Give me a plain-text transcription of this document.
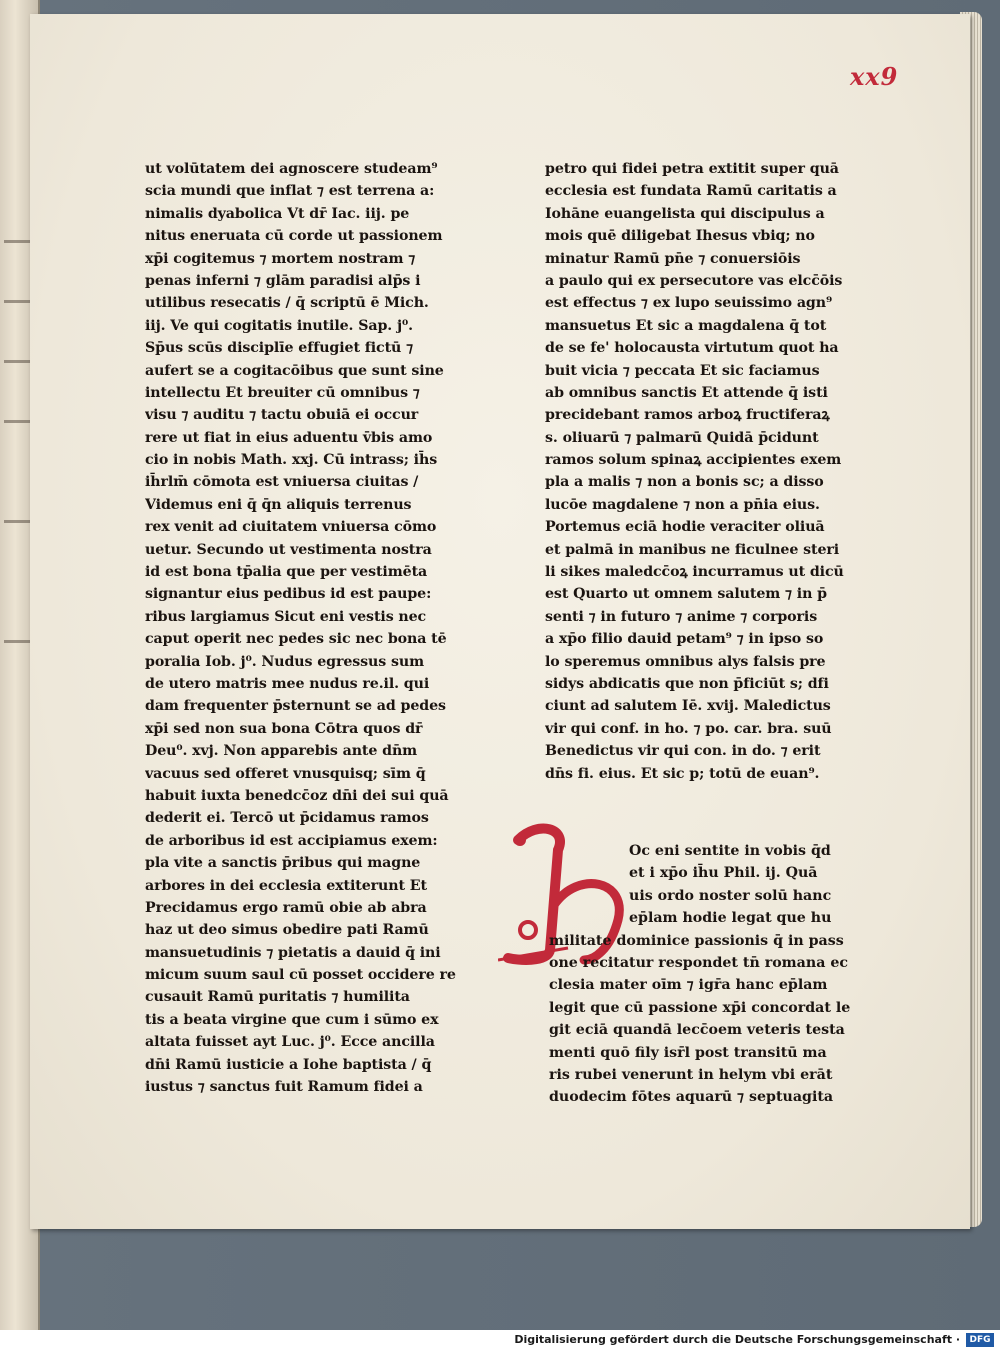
xx9
ut volūtatem dei agnoscere studeam⁹
scia mundi que inflat ⁊ est terrena a:
nimalis dyabolica Vt dr̄ Iac. iij. pe
nitus eneruata cū corde ut passionem
xp̄i cogitemus ⁊ mortem nostram ⁊
penas inferni ⁊ glām paradisi alp̄s i
utilibus resecatis / q̄ scriptū ē Mich.
iij. Ve qui cogitatis inutile. Sap. j⁰.
Sp̄us scūs disciplīe effugiet fictū ⁊
aufert se a cogitacōibus que sunt sine
intellectu Et breuiter cū omnibus ⁊
visu ⁊ auditu ⁊ tactu obuiā ei occur
rere ut fiat in eius aduentu v̄bis amo
cio in nobis Math. xxj. Cū intrass; ih̄s
ih̄rlm̄ cōmota est vniuersa ciuitas /
Videmus eni q̄ q̄n aliquis terrenus
rex venit ad ciuitatem vniuersa cōmo
uetur. Secundo ut vestimenta nostra
id est bona tp̄alia que per vestimēta
signantur eius pedibus id est paupe:
ribus largiamus Sicut eni vestis nec
caput operit nec pedes sic nec bona tē
poralia Iob. j⁰. Nudus egressus sum
de utero matris mee nudus re.il. qui
dam frequenter p̄sternunt se ad pedes
xp̄i sed non sua bona Cōtra quos dr̄
Deu⁰. xvj. Non apparebis ante dn̄m
vacuus sed offeret vnusquisq; sīm q̄
habuit iuxta benedcc̄oz dn̄i dei sui quā
dederit ei. Tercō ut p̄cidamus ramos
de arboribus id est accipiamus exem:
pla vite a sanctis p̄ribus qui magne
arbores in dei ecclesia extiterunt Et
Precidamus ergo ramū obie ab abra
haz ut deo simus obedire pati Ramū
mansuetudinis ⁊ pietatis a dauid q̄ ini
micum suum saul cū posset occidere re
cusauit Ramū puritatis ⁊ humilita
tis a beata virgine que cum i sūmo ex
altata fuisset ayt Luc. j⁰. Ecce ancilla
dn̄i Ramū iusticie a Iohe baptista / q̄
iustus ⁊ sanctus fuit Ramum fidei a
petro qui fidei petra extitit super quā
ecclesia est fundata Ramū caritatis a
Iohāne euangelista qui discipulus a
mois quē diligebat Ihesus vbiq; no
minatur Ramū pn̄e ⁊ conuersiōis
a paulo qui ex persecutore vas elcc̄ōis
est effectus ⁊ ex lupo seuissimo agn⁹
mansuetus Et sic a magdalena q̄ tot
de se fe' holocausta virtutum quot ha
buit vicia ⁊ peccata Et sic faciamus
ab omnibus sanctis Et attende q̄ isti
precidebant ramos arboꝝ fructiferaꝝ
s. oliuarū ⁊ palmarū Quidā p̄cidunt
ramos solum spinaꝝ accipientes exem
pla a malis ⁊ non a bonis sc; a disso
lucōe magdalene ⁊ non a pn̄ia eius.
Portemus eciā hodie veraciter oliuā
et palmā in manibus ne ficulnee steri
li sikes maledcc̄oꝝ incurramus ut dicū
est Quarto ut omnem salutem ⁊ in p̄
senti ⁊ in futuro ⁊ anime ⁊ corporis
a xp̄o filio dauid petam⁹ ⁊ in ipso so
lo speremus omnibus alys falsis pre
sidys abdicatis que non p̄ficiūt s; dfi
ciunt ad salutem Iē. xvij. Maledictus
vir qui conf. in ho. ⁊ po. car. bra. suū
Benedictus vir qui con. in do. ⁊ erit
dn̄s fi. eius. Et sic p; totū de euan⁹.
Oc eni sentite in vobis q̄d
et i xp̄o ih̄u Phil. ij. Quā
uis ordo noster solū hanc
ep̄lam hodie legat que hu
militate dominice passionis q̄ in pass
one recitatur respondet tn̄ romana ec
clesia mater oīm ⁊ igr̄a hanc ep̄lam
legit que cū passione xp̄i concordat le
git eciā quandā lecc̄oem veteris testa
menti quō fily isr̄l post transitū ma
ris rubei venerunt in helym vbi erāt
duodecim fōtes aquarū ⁊ septuagita
Digitalisierung gefördert durch die Deutsche Forschungsgemeinschaft ·	DFG
